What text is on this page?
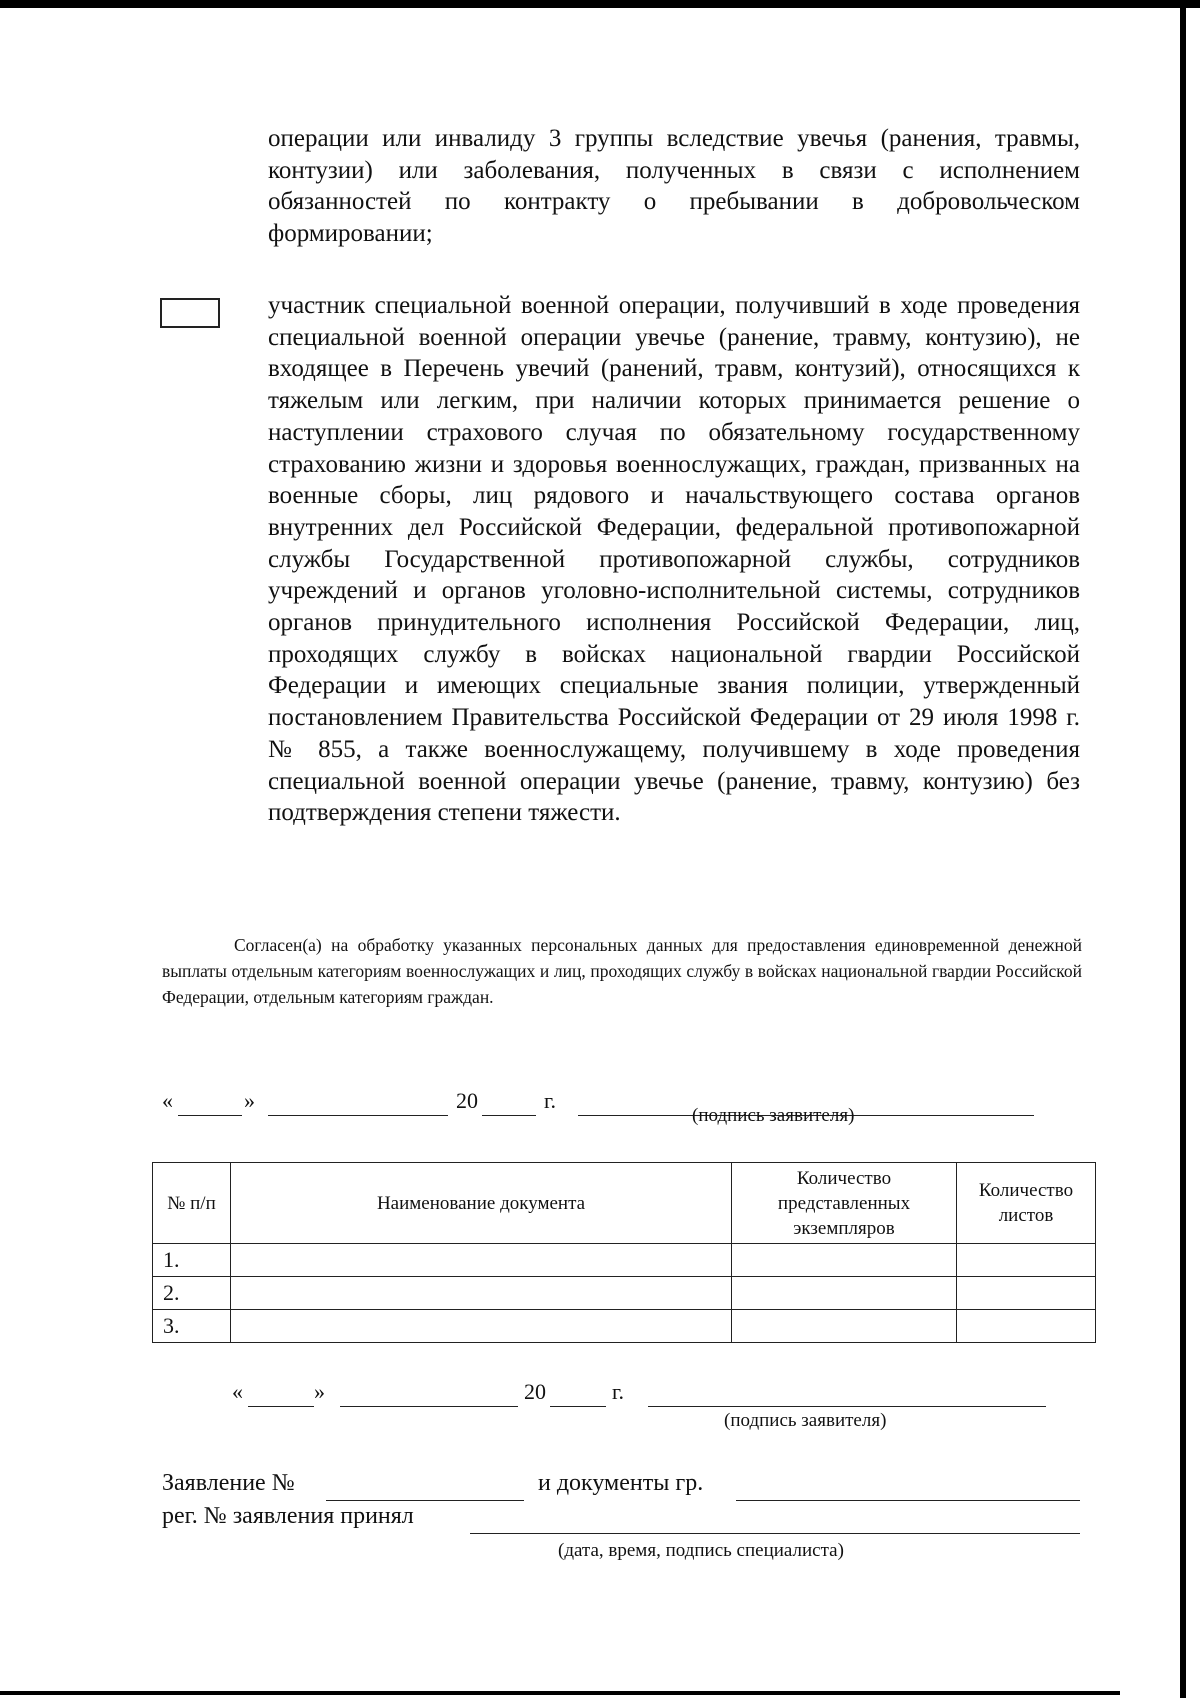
операции или инвалиду 3 группы вследствие увечья (ранения, травмы, контузии) или заболевания, полученных в связи с исполнением обязанностей по контракту о пребывании в добровольческом формировании;
участник специальной военной операции, получивший в ходе проведения специальной военной операции увечье (ранение, травму, контузию), не входящее в Перечень увечий (ранений, травм, контузий), относящихся к тяжелым или легким, при наличии которых принимается решение о наступлении страхового случая по обязательному государственному страхованию жизни и здоровья военнослужащих, граждан, призванных на военные сборы, лиц рядового и начальствующего состава органов внутренних дел Российской Федерации, федеральной противопожарной службы Государственной противопожарной службы, сотрудников учреждений и органов уголовно-исполнительной системы, сотрудников органов принудительного исполнения Российской Федерации, лиц, проходящих службу в войсках национальной гвардии Российской Федерации и имеющих специальные звания полиции, утвержденный постановлением Правительства Российской Федерации от 29 июля 1998 г. № 855, а также военнослужащему, получившему в ходе проведения специальной военной операции увечье (ранение, травму, контузию) без подтверждения степени тяжести.
Согласен(а) на обработку указанных персональных данных для предоставления единовременной денежной выплаты отдельным категориям военнослужащих и лиц, проходящих службу в войсках национальной гвардии Российской Федерации, отдельным категориям граждан.
«	»	20	г.
(подпись заявителя)
№ п/п	Наименование документа	Количество представленных экземпляров	Количество листов
1.			
2.			
3.			
«	»	20	г.
(подпись заявителя)
Заявление №	и документы гр.
рег. № заявления принял
(дата, время, подпись специалиста)
